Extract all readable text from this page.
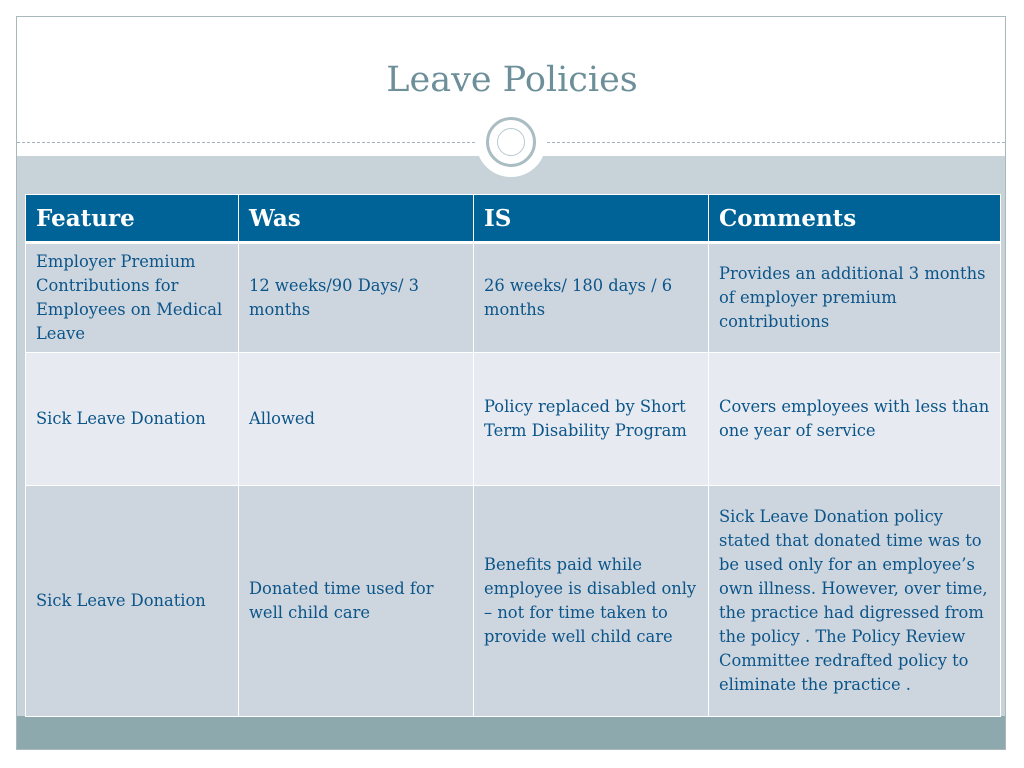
Leave Policies
Feature	Was	IS	Comments
Employer Premium Contributions for Employees on Medical Leave	12 weeks/90 Days/ 3 months	26 weeks/ 180 days / 6 months	Provides an additional 3 months of employer premium contributions
Sick Leave Donation	Allowed	Policy replaced by Short Term Disability Program	Covers employees with less than one year of service
Sick Leave Donation	Donated time used for well child care	Benefits paid while employee is disabled only – not for time taken to provide well child care	Sick Leave Donation policy stated that donated time was to be used only for an employee’s own illness. However, over time, the practice had digressed from the policy . The Policy Review Committee redrafted policy to eliminate the practice .
